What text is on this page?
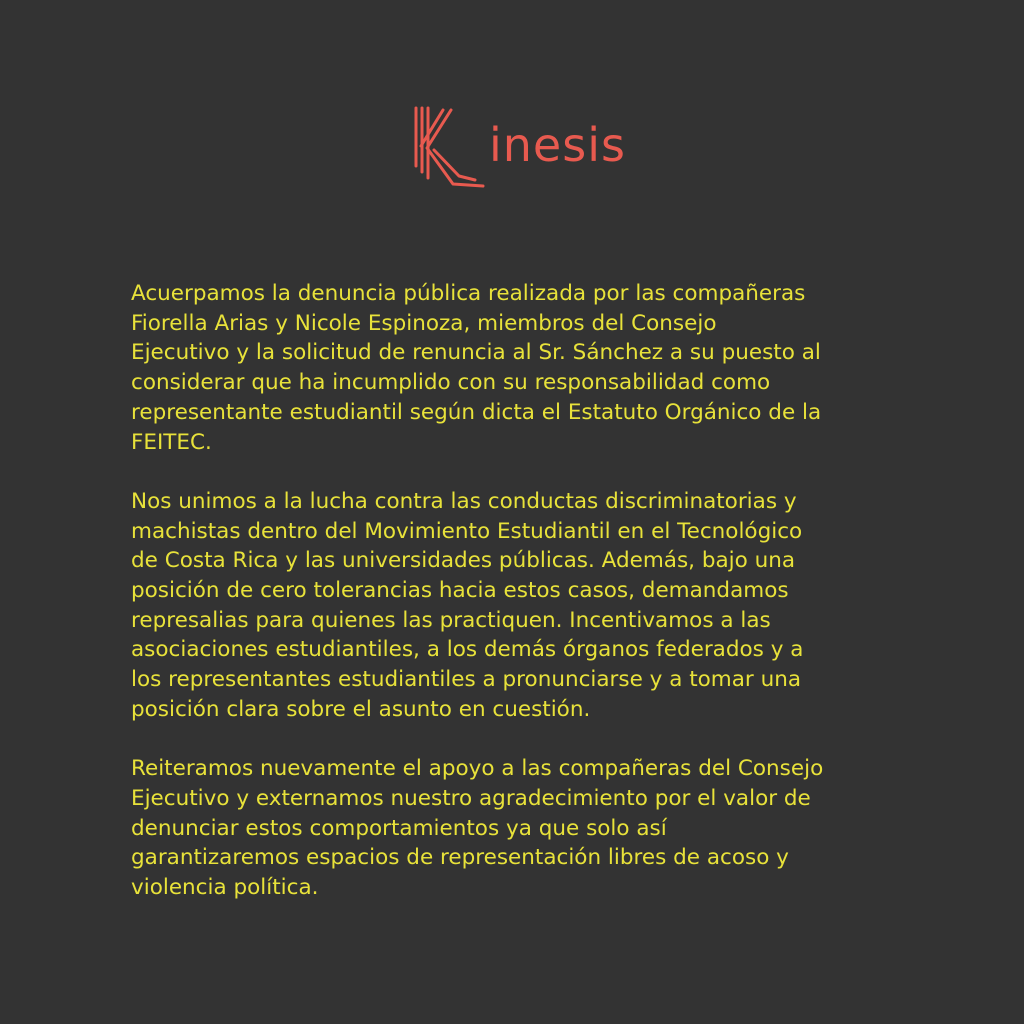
inesis

Acuerpamos la denuncia pública realizada por las compañeras
Fiorella Arias y Nicole Espinoza, miembros del Consejo
Ejecutivo y la solicitud de renuncia al Sr. Sánchez a su puesto al
considerar que ha incumplido con su responsabilidad como
representante estudiantil según dicta el Estatuto Orgánico de la
FEITEC.

Nos unimos a la lucha contra las conductas discriminatorias y
machistas dentro del Movimiento Estudiantil en el Tecnológico
de Costa Rica y las universidades públicas. Además, bajo una
posición de cero tolerancias hacia estos casos, demandamos
represalias para quienes las practiquen. Incentivamos a las
asociaciones estudiantiles, a los demás órganos federados y a
los representantes estudiantiles a pronunciarse y a tomar una
posición clara sobre el asunto en cuestión.

Reiteramos nuevamente el apoyo a las compañeras del Consejo
Ejecutivo y externamos nuestro agradecimiento por el valor de
denunciar estos comportamientos ya que solo así
garantizaremos espacios de representación libres de acoso y
violencia política.
